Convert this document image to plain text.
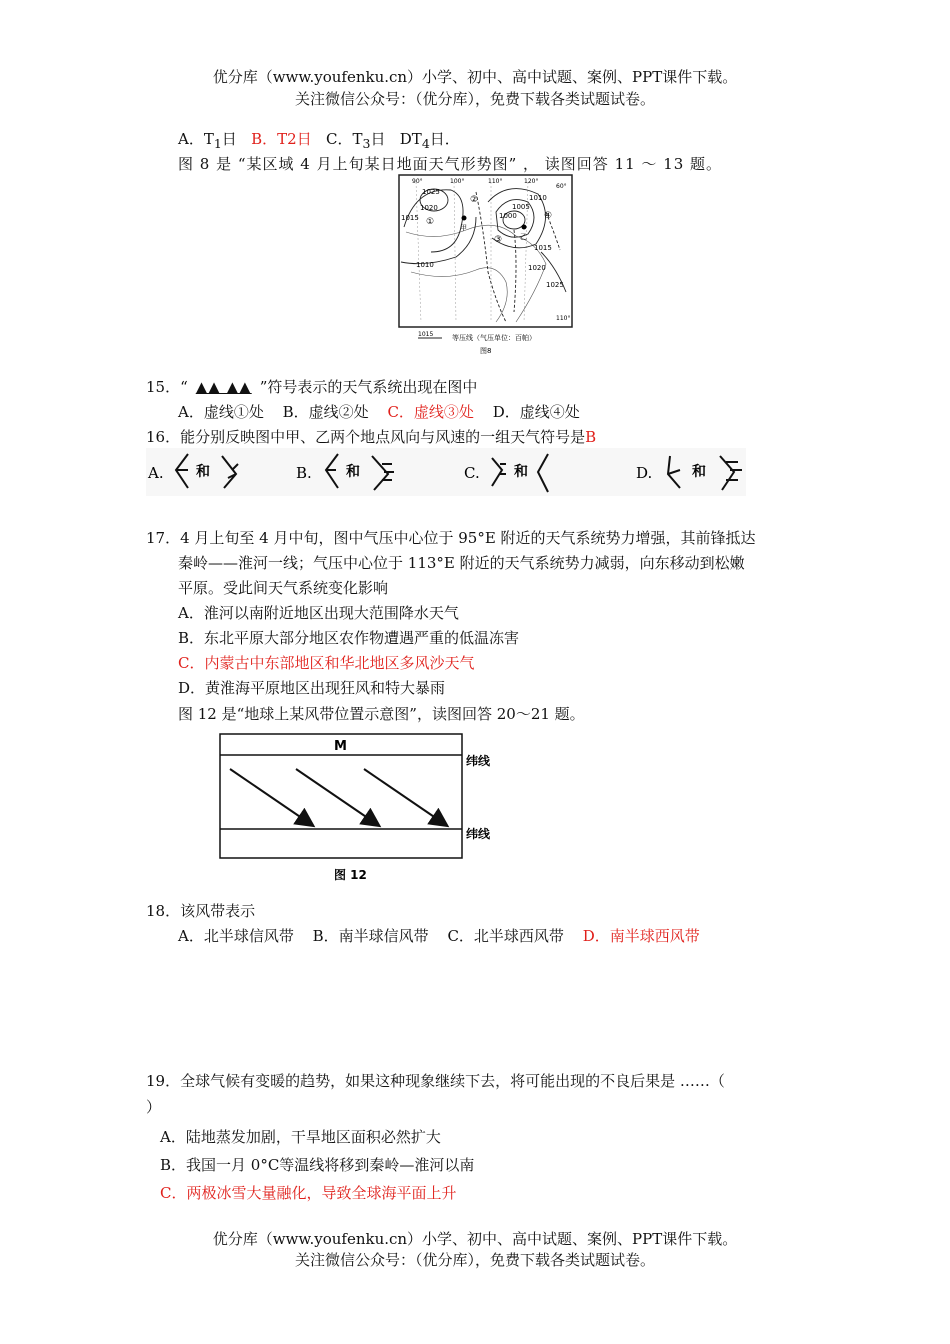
优分库（www.youfenku.cn）小学、初中、高中试题、案例、PPT课件下载。
关注微信公众号：（优分库），免费下载各类试题试卷。
A．$T_1$日 B．T2日 C．$T_3$日 $DT_4$日．
图 8 是 “某区域 4 月上旬某日地面天气形势图” ， 读图回答 11 ～ 13 题。
90°	100°	110°	120°
60°
1025
1020
1015
1010
1005
1000
1010
1015
1020
1025
110°
①
②
③
④
甲
乙
1015	等压线（气压单位：百帕）
图8
15．“ ▲▲ ▲▲ ”符号表示的天气系统出现在图中
A．虚线①处 B．虚线②处 C．虚线③处 D．虚线④处
16．能分别反映图中甲、乙两个地点风向与风速的一组天气符号是B
A. 和	B. 和	C. 和	D.	和
17．4 月上旬至 4 月中旬，图中气压中心位于 95°E 附近的天气系统势力增强，其前锋抵达
秦岭——淮河一线；气压中心位于 113°E 附近的天气系统势力减弱，向东移动到松嫩
平原。受此间天气系统变化影响
A．淮河以南附近地区出现大范围降水天气
B．东北平原大部分地区农作物遭遇严重的低温冻害
C．内蒙古中东部地区和华北地区多风沙天气
D．黄淮海平原地区出现狂风和特大暴雨
图 12 是“地球上某风带位置示意图”，读图回答 20～21 题。
M
纬线
纬线
图 12
18．该风带表示
A．北半球信风带 B．南半球信风带 C．北半球西风带 D．南半球西风带
19．全球气候有变暖的趋势，如果这种现象继续下去，将可能出现的不良后果是 ……（
）
A．陆地蒸发加剧，干旱地区面积必然扩大
B．我国一月 0°C等温线将移到秦岭—淮河以南
C．两极冰雪大量融化，导致全球海平面上升
优分库（www.youfenku.cn）小学、初中、高中试题、案例、PPT课件下载。
关注微信公众号：（优分库），免费下载各类试题试卷。
